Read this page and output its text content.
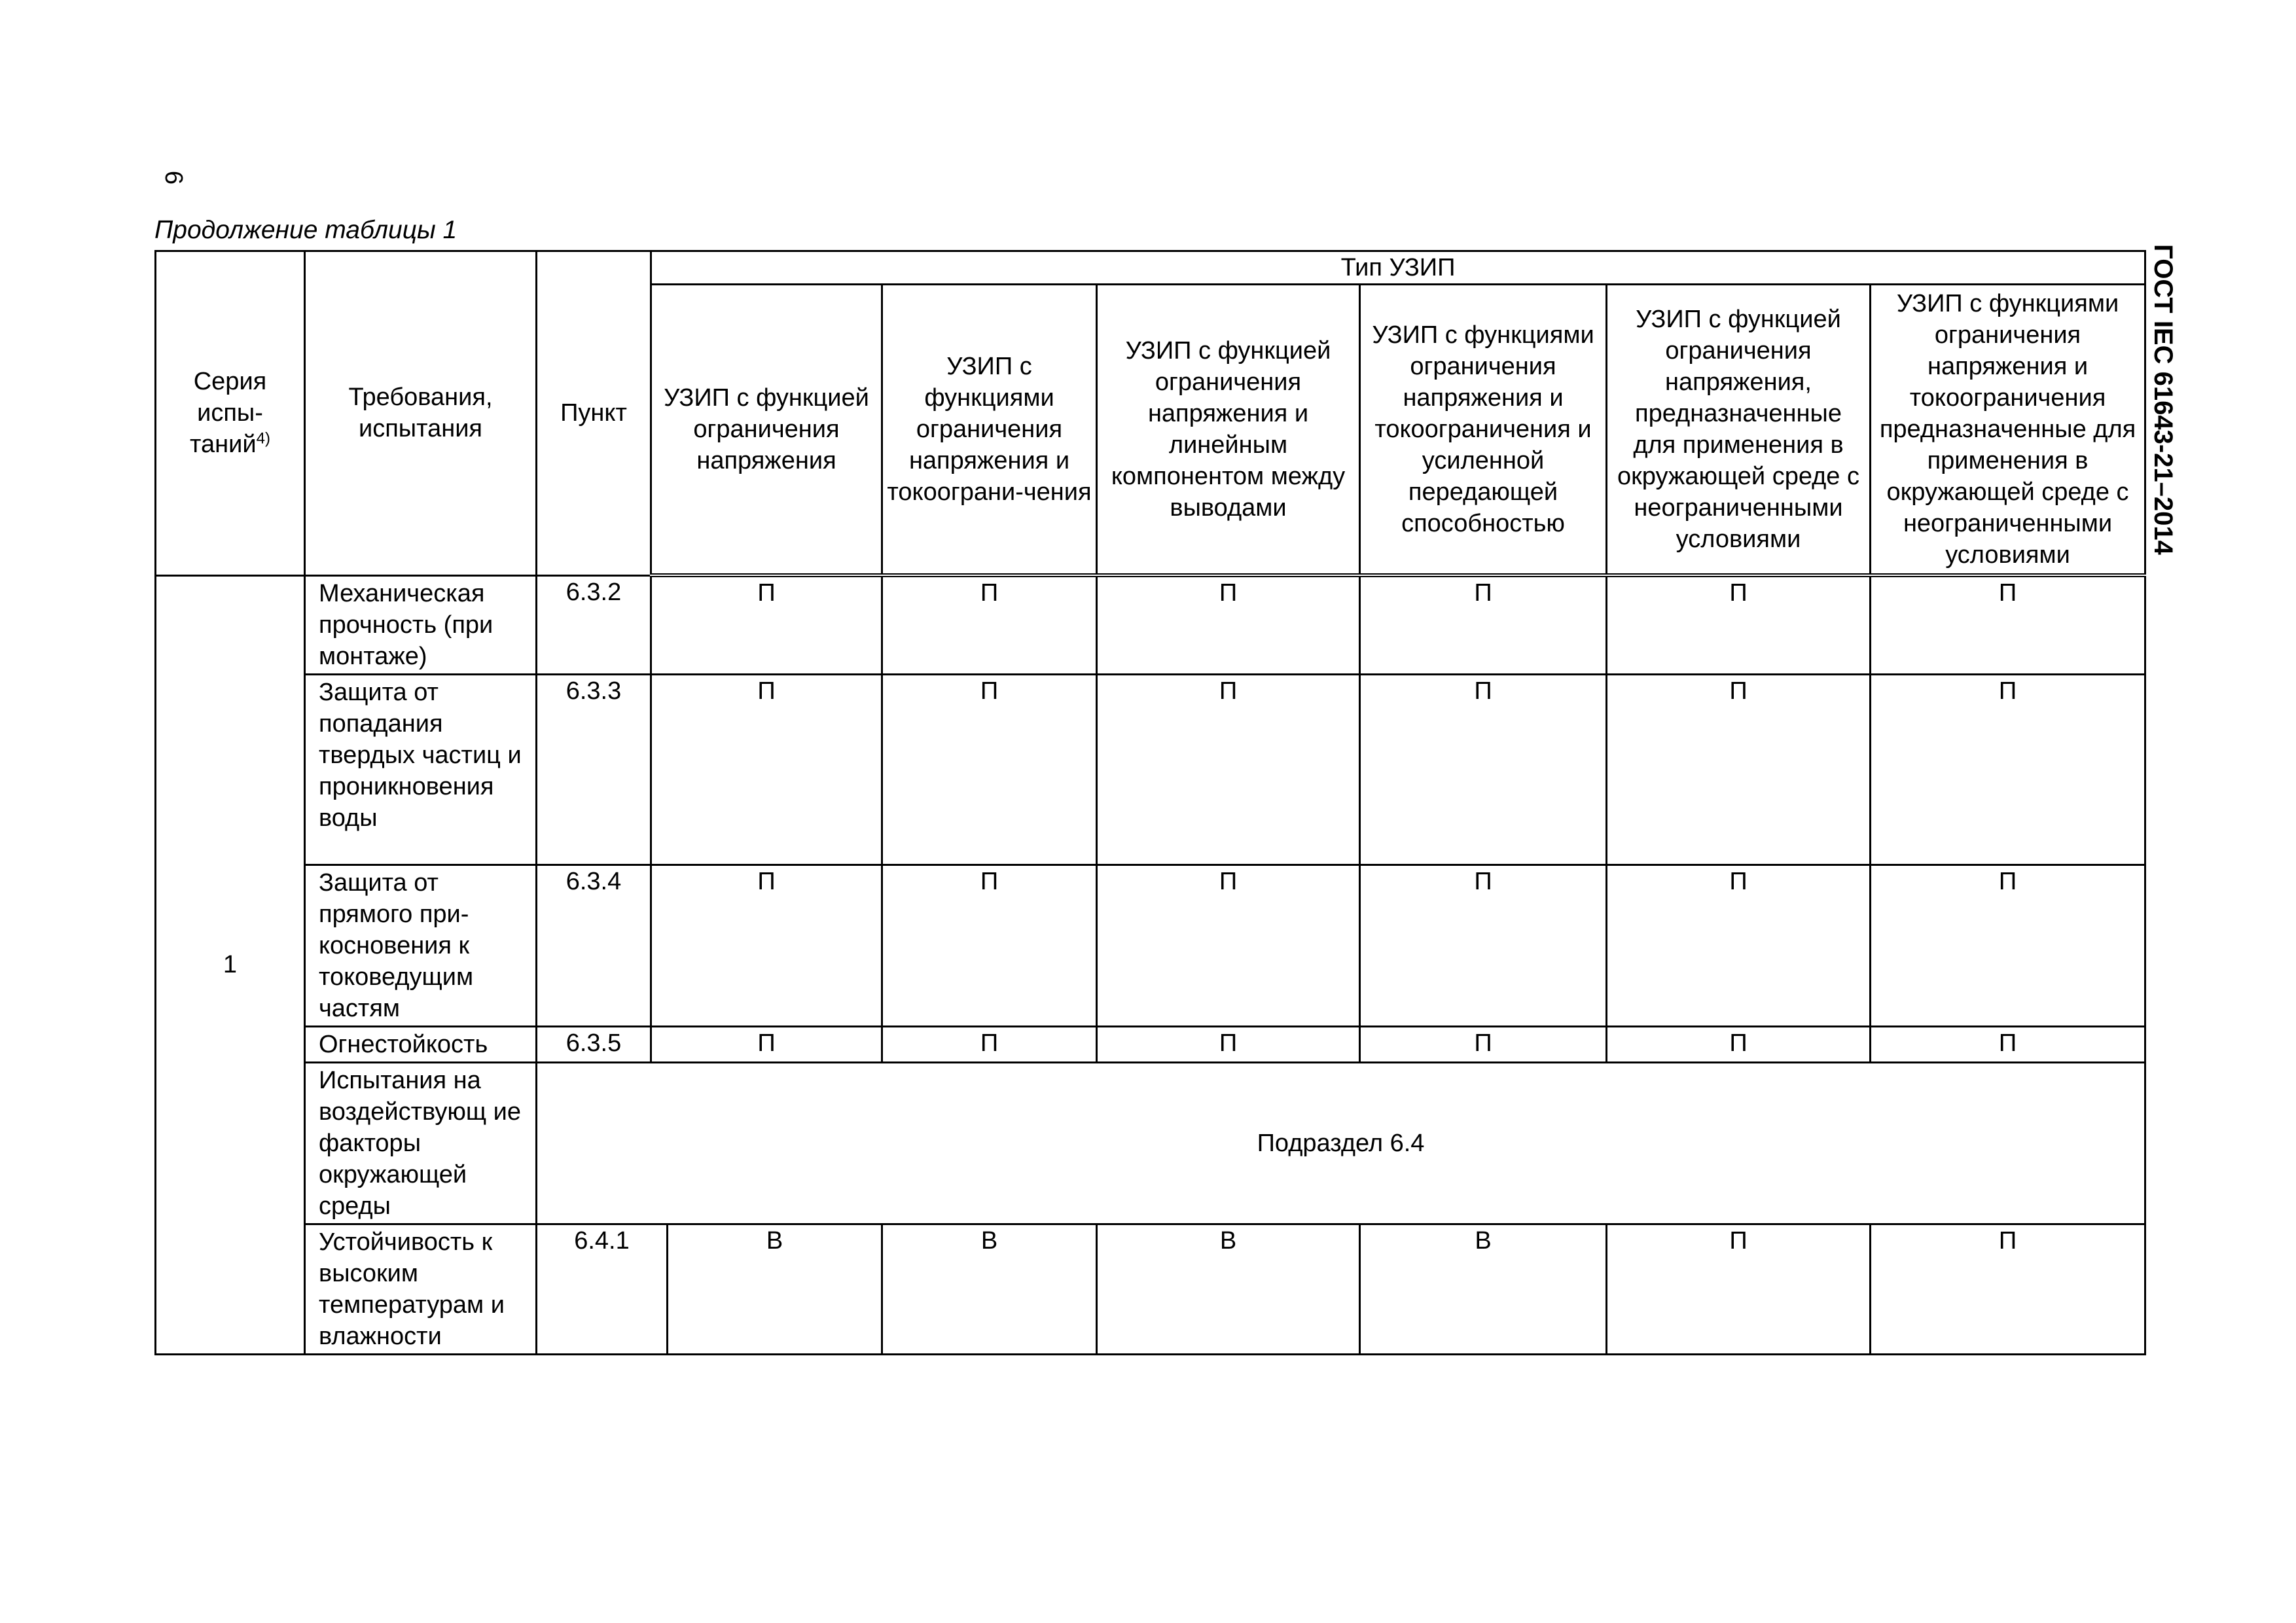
6
Продолжение таблицы 1
ГОСТ IEC 61643-21–2014
Серия испы-таний$^{4)}$	Требования, испытания	Пункт	Тип УЗИП						
			УЗИП с функцией ограничения напряжения		УЗИП с функциями ограничения напряжения и токоограни-чения	УЗИП с функцией ограничения напряжения и линейным компонентом между выводами	УЗИП с функциями ограничения напряжения и токоограничения и усиленной передающей способностью	УЗИП с функцией ограничения напряжения, предназначенные для применения в окружающей среде с неограниченными условиями	УЗИП с функциями ограничения напряжения и токоограничения предназначенные для применения в окружающей среде с неограниченными условиями
1	Механическая прочность (при монтаже)	6.3.2	П		П	П	П	П	П
	Защита от попадания твердых частиц и проникновения воды	6.3.3	П		П	П	П	П	П
	Защита от прямого при-косновения к токоведущим частям	6.3.4	П		П	П	П	П	П
	Огнестойкость	6.3.5	П		П	П	П	П	П
	Испытания на воздействующ ие факторы окружающей среды	Подраздел 6.4							
	Устойчивость к высоким температурам и влажности	6.4.1		В	В	В	В	П	П
